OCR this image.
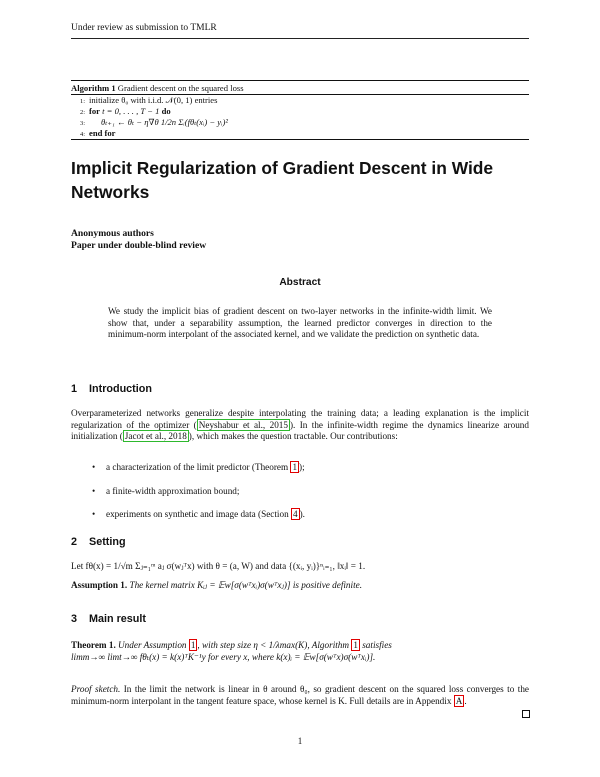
Under review as submission to TMLR
Algorithm 1 Gradient descent on the squared loss
1: initialize θ₀ with i.i.d. 𝒩(0, 1) entries
2: for t = 0, . . . , T − 1 do
3: θₜ₊₁ ← θₜ − η∇θ 1/2n Σᵢ(fθₜ(xᵢ) − yᵢ)²
4: end for
Implicit Regularization of Gradient Descent in Wide Networks
Anonymous authors
Paper under double-blind review
Abstract
We study the implicit bias of gradient descent on two-layer networks in the infinite-width limit. We show that, under a separability assumption, the learned predictor converges in direction to the minimum-norm interpolant of the associated kernel, and we validate the prediction on synthetic data.
1 Introduction
Overparameterized networks generalize despite interpolating the training data; a leading explanation is the implicit regularization of the optimizer ( Neyshabur et al., 2015 ). In the infinite-width regime the dynamics linearize around initialization ( Jacot et al., 2018 ), which makes the question tractable. Our contributions:
• a characterization of the limit predictor (Theorem 1 );
• a finite-width approximation bound;
• experiments on synthetic and image data (Section 4 ).
2 Setting
Let fθ(x) = 1/√m Σⱼ₌₁ᵐ aⱼ σ(wⱼᵀx) with θ = (a, W) and data {(xᵢ, yᵢ)}ⁿᵢ₌₁, ‖xᵢ‖ = 1.
Assumption 1. The kernel matrix Kᵢⱼ = 𝔼w[σ(wᵀxᵢ)σ(wᵀxⱼ)] is positive definite.
3 Main result
Theorem 1. Under Assumption 1 , with step size η < 1/λmax(K), Algorithm 1 satisfies
limm→∞ limt→∞ fθₜ(x) = k(x)ᵀK⁻¹y for every x, where k(x)ᵢ = 𝔼w[σ(wᵀx)σ(wᵀxᵢ)].
Proof sketch. In the limit the network is linear in θ around θ₀, so gradient descent on the squared loss converges to the minimum-norm interpolant in the tangent feature space, whose kernel is K. Full details are in Appendix A .
1
